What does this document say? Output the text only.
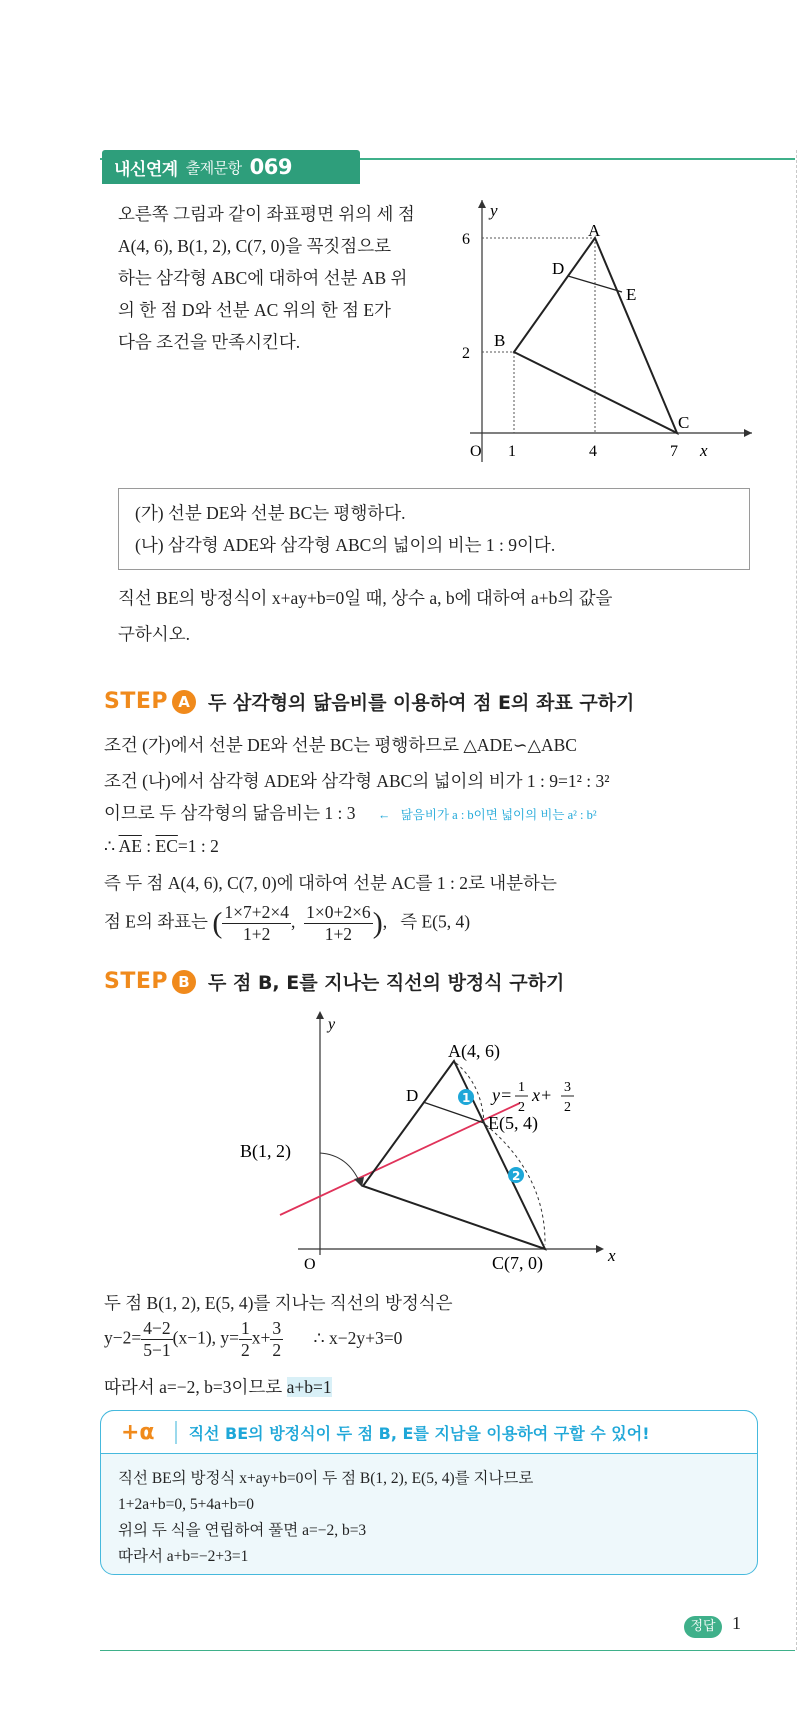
내신연계 출제문항 069
오른쪽 그림과 같이 좌표평면 위의 세 점
A(4, 6), B(1, 2), C(7, 0)을 꼭짓점으로
하는 삼각형 ABC에 대하여 선분 AB 위
의 한 점 D와 선분 AC 위의 한 점 E가
다음 조건을 만족시킨다.
A
B
C
D
E
y
x
O
6
2
1	4	7
(가) 선분 DE와 선분 BC는 평행하다.
(나) 삼각형 ADE와 삼각형 ABC의 넓이의 비는 1 : 9이다.
직선 BE의 방정식이 x+ay+b=0일 때, 상수 a, b에 대하여 a+b의 값을
구하시오.
STEP A 두 삼각형의 닮음비를 이용하여 점 E의 좌표 구하기
조건 (가)에서 선분 DE와 선분 BC는 평행하므로 △ADE∽△ABC
조건 (나)에서 삼각형 ADE와 삼각형 ABC의 넓이의 비가 1 : 9=1² : 3²
이므로 두 삼각형의 닮음비는 1 : 3 ← 닮음비가 a : b이면 넓이의 비는 a² : b²
∴ $\overline{AE}$ : $\overline{EC}=1$ : 2
즉 두 점 A(4, 6), C(7, 0)에 대하여 선분 AC를 1 : 2로 내분하는
점 E의 좌표는 ( $\frac{1\times 7+2\times 4}{1+2}$ , $\frac{1\times 0+2\times 6}{1+2}$ ),   즉 E(5, 4)
STEP B 두 점 B, E를 지나는 직선의 방정식 구하기
1
2
y
x
O
A(4, 6)
B(1, 2)
C(7, 0)
D
E(5, 4)
y= 1
2
x+ 3
2
두 점 B(1, 2), E(5, 4)를 지나는 직선의 방정식은
$y-2= \frac{4-2}{5-1} (x-1)$, $y= \frac{1}{2} x+ \frac{3}{2}$ ∴ x−2y+3=0
따라서 a=−2, b=3이므로 a+b=1
+α	직선 BE의 방정식이 두 점 B, E를 지남을 이용하여 구할 수 있어!
직선 BE의 방정식 x+ay+b=0이 두 점 B(1, 2), E(5, 4)를 지나므로
1+2a+b=0, 5+4a+b=0
위의 두 식을 연립하여 풀면 a=−2, b=3
따라서 a+b=−2+3=1
정답 1
